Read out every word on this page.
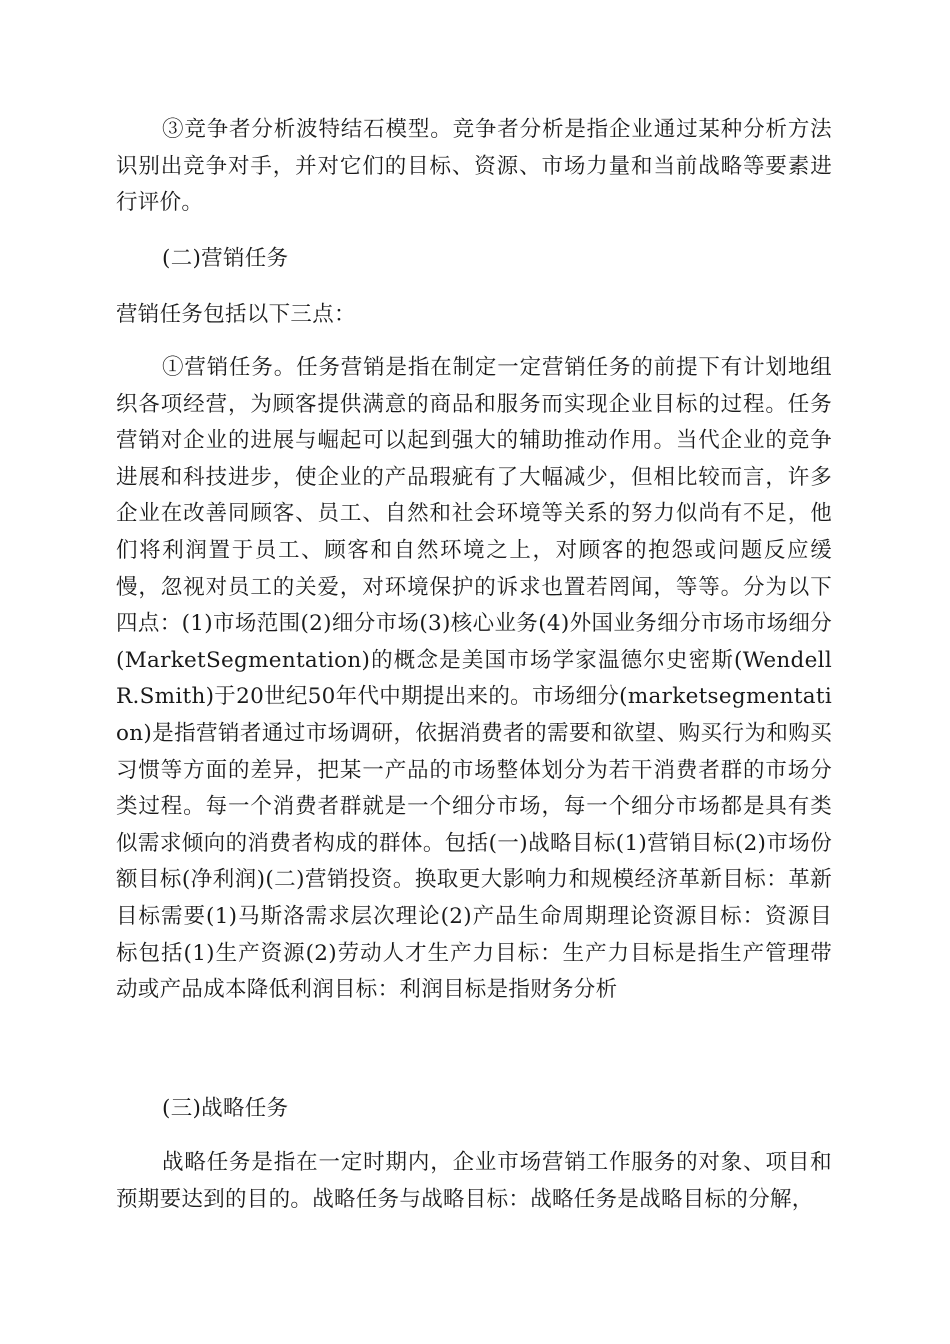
③竞争者分析波特结石模型。竞争者分析是指企业通过某种分析方法识别出竞争对手，并对它们的目标、资源、市场力量和当前战略等要素进行评价。

(二)营销任务

营销任务包括以下三点：

①营销任务。任务营销是指在制定一定营销任务的前提下有计划地组织各项经营，为顾客提供满意的商品和服务而实现企业目标的过程。任务营销对企业的进展与崛起可以起到强大的辅助推动作用。当代企业的竞争进展和科技进步，使企业的产品瑕疵有了大幅减少，但相比较而言，许多企业在改善同顾客、员工、自然和社会环境等关系的努力似尚有不足，他们将利润置于员工、顾客和自然环境之上，对顾客的抱怨或问题反应缓慢，忽视对员工的关爱，对环境保护的诉求也置若罔闻，等等。分为以下四点：(1)市场范围(2)细分市场(3)核心业务(4)外国业务细分市场市场细分(MarketSegmentation)的概念是美国市场学家温德尔史密斯(WendellR.Smith)于20世纪50年代中期提出来的。市场细分(marketsegmentation)是指营销者通过市场调研，依据消费者的需要和欲望、购买行为和购买习惯等方面的差异，把某一产品的市场整体划分为若干消费者群的市场分类过程。每一个消费者群就是一个细分市场，每一个细分市场都是具有类似需求倾向的消费者构成的群体。包括(一)战略目标(1)营销目标(2)市场份额目标(净利润)(二)营销投资。换取更大影响力和规模经济革新目标：革新目标需要(1)马斯洛需求层次理论(2)产品生命周期理论资源目标：资源目标包括(1)生产资源(2)劳动人才生产力目标：生产力目标是指生产管理带动或产品成本降低利润目标：利润目标是指财务分析

(三)战略任务

战略任务是指在一定时期内，企业市场营销工作服务的对象、项目和预期要达到的目的。战略任务与战略目标：战略任务是战略目标的分解，
